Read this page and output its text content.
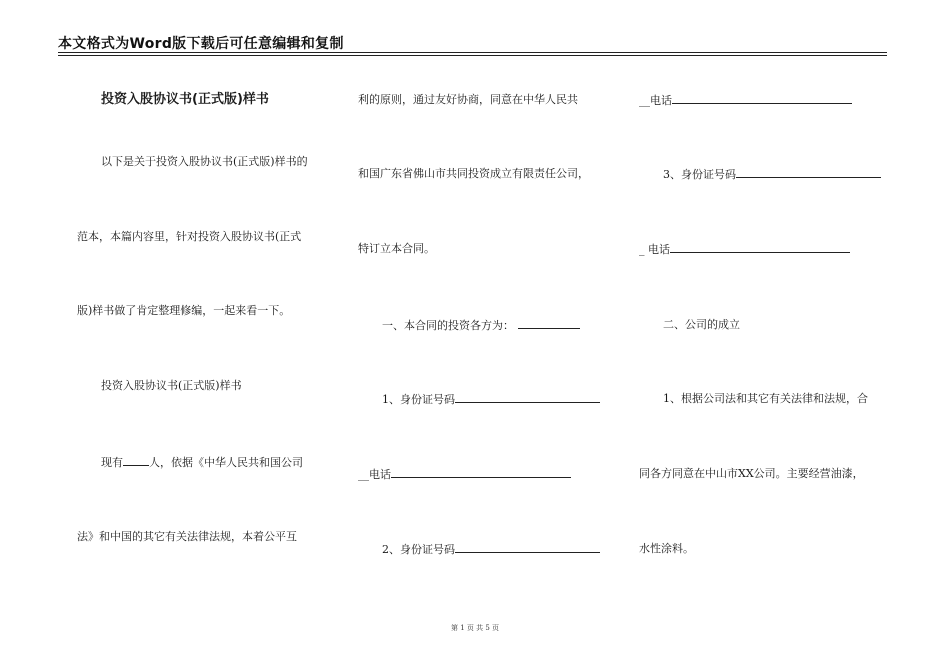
本文格式为Word版下载后可任意编辑和复制
投资入股协议书(正式版)样书
以下是关于投资入股协议书(正式版)样书的
范本，本篇内容里，针对投资入股协议书(正式
版)样书做了肯定整理修编，一起来看一下。
投资入股协议书(正式版)样书
现有 人，依据《中华人民共和国公司
法》和中国的其它有关法律法规，本着公平互
利的原则，通过友好协商，同意在中华人民共
和国广东省佛山市共同投资成立有限责任公司，
特订立本合同。
一、本合同的投资各方为：
1、身份证号码
__电话
2、身份证号码
__电话
3、身份证号码
_ 电话
二、公司的成立
1、根据公司法和其它有关法律和法规，合
同各方同意在中山市XX公司。主要经营油漆，
水性涂料。
第 1 页 共 5 页
